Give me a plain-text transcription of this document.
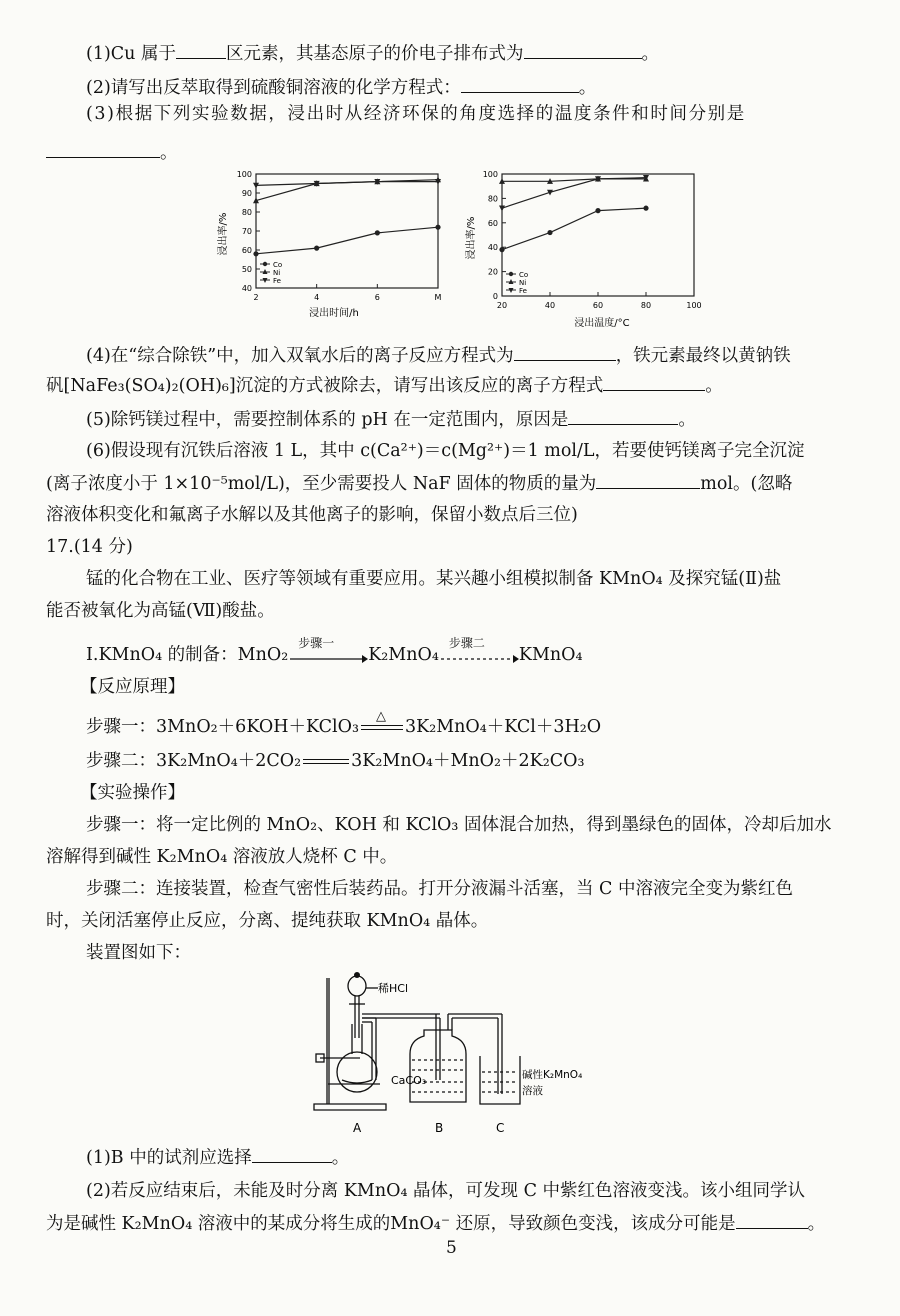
(1)Cu 属于	区元素，其基态原子的价电子排布式为	。
(2)请写出反萃取得到硫酸铜溶液的化学方程式：	。
(3)根据下列实验数据，浸出时从经济环保的角度选择的温度条件和时间分别是
。
100
90
80
70
60
50
40
2	4	6	M
浸出率/%
浸出时间/h
Co
Ni
Fe
100
80
60
40
20
0
20	40	60	80	100
浸出率/%
浸出温度/°C
Co
Ni
Fe
(4)在“综合除铁”中，加入双氧水后的离子反应方程式为	，铁元素最终以黄钠铁
矾[NaFe₃(SO₄)₂(OH)₆]沉淀的方式被除去，请写出该反应的离子方程式	。
(5)除钙镁过程中，需要控制体系的 pH 在一定范围内，原因是	。
(6)假设现有沉铁后溶液 1 L，其中 c(Ca²⁺)＝c(Mg²⁺)＝1 mol/L，若要使钙镁离子完全沉淀
(离子浓度小于 1×10⁻⁵mol/L)，至少需要投人 NaF 固体的物质的量为	mol。(忽略
溶液体积变化和氟离子水解以及其他离子的影响，保留小数点后三位)
17.(14 分)
锰的化合物在工业、医疗等领域有重要应用。某兴趣小组模拟制备 KMnO₄ 及探究锰(Ⅱ)盐
能否被氧化为高锰(Ⅶ)酸盐。
Ⅰ.KMnO₄ 的制备：MnO₂
步骤一
K₂MnO₄
步骤二
KMnO₄
【反应原理】
步骤一：3MnO₂＋6KOH＋KClO₃
△
3K₂MnO₄＋KCl＋3H₂O
步骤二：3K₂MnO₄＋2CO₂	3K₂MnO₄＋MnO₂＋2K₂CO₃
【实验操作】
步骤一：将一定比例的 MnO₂、KOH 和 KClO₃ 固体混合加热，得到墨绿色的固体，冷却后加水
溶解得到碱性 K₂MnO₄ 溶液放人烧杯 C 中。
步骤二：连接装置，检查气密性后装药品。打开分液漏斗活塞，当 C 中溶液完全变为紫红色
时，关闭活塞停止反应，分离、提纯获取 KMnO₄ 晶体。
装置图如下：
稀HCl
CaCO₃	碱性K₂MnO₄
溶液
A	B	C
(1)B 中的试剂应选择	。
(2)若反应结束后，未能及时分离 KMnO₄ 晶体，可发现 C 中紫红色溶液变浅。该小组同学认
为是碱性 K₂MnO₄ 溶液中的某成分将生成的MnO₄⁻ 还原，导致颜色变浅，该成分可能是	。
5
